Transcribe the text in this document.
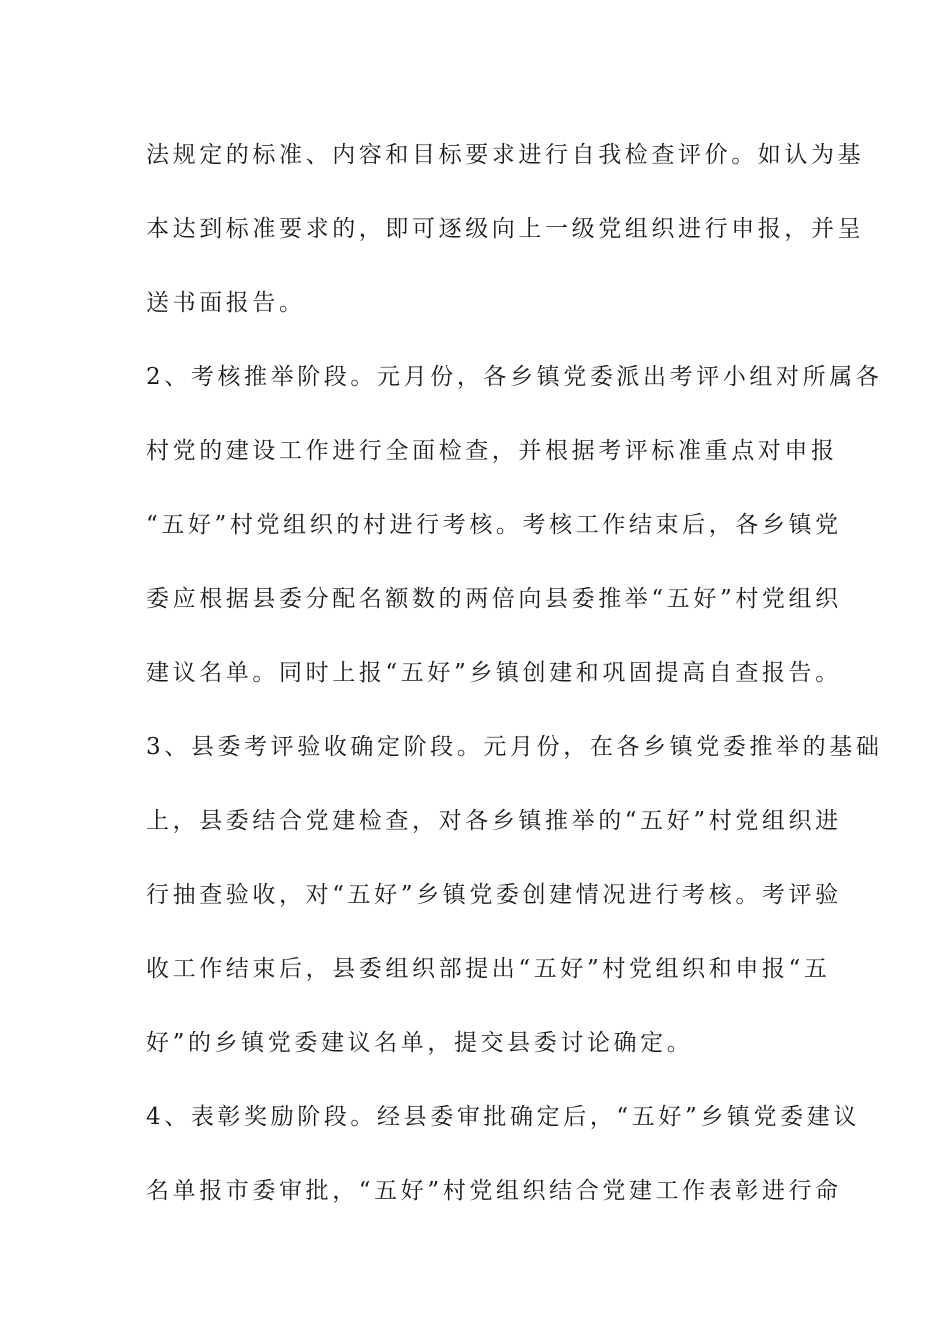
法规定的标准、内容和目标要求进行自我检查评价。如认为基
本达到标准要求的，即可逐级向上一级党组织进行申报，并呈
送书面报告。
2、考核推举阶段。元月份，各乡镇党委派出考评小组对所属各
村党的建设工作进行全面检查，并根据考评标准重点对申报
“五好”村党组织的村进行考核。考核工作结束后，各乡镇党
委应根据县委分配名额数的两倍向县委推举“五好”村党组织
建议名单。同时上报“五好”乡镇创建和巩固提高自查报告。
3、县委考评验收确定阶段。元月份，在各乡镇党委推举的基础
上，县委结合党建检查，对各乡镇推举的“五好”村党组织进
行抽查验收，对“五好”乡镇党委创建情况进行考核。考评验
收工作结束后，县委组织部提出“五好”村党组织和申报“五
好”的乡镇党委建议名单，提交县委讨论确定。
4、表彰奖励阶段。经县委审批确定后，“五好”乡镇党委建议
名单报市委审批，“五好”村党组织结合党建工作表彰进行命
